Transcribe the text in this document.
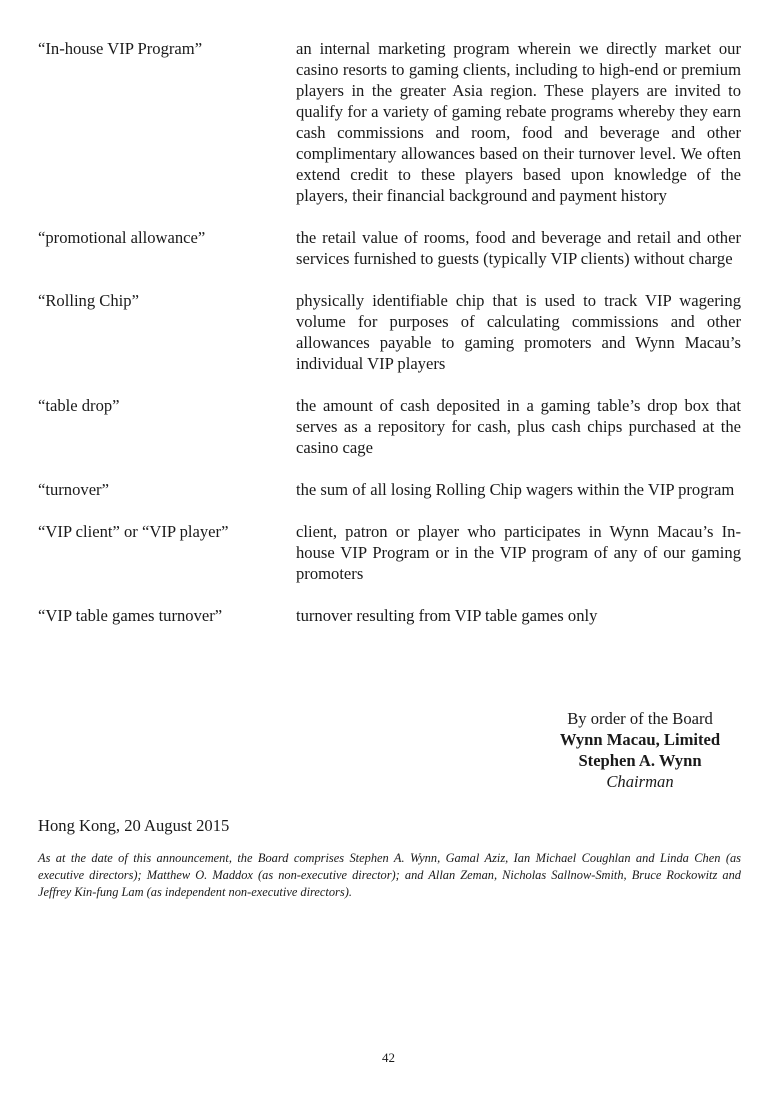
“In-house VIP Program”	an internal marketing program wherein we directly market our casino resorts to gaming clients, including to high-end or premium players in the greater Asia region. These players are invited to qualify for a variety of gaming rebate programs whereby they earn cash commissions and room, food and beverage and other complimentary allowances based on their turnover level. We often extend credit to these players based upon knowledge of the players, their financial background and payment history
“promotional allowance”	the retail value of rooms, food and beverage and retail and other services furnished to guests (typically VIP clients) without charge
“Rolling Chip”	physically identifiable chip that is used to track VIP wagering volume for purposes of calculating commissions and other allowances payable to gaming promoters and Wynn Macau’s individual VIP players
“table drop”	the amount of cash deposited in a gaming table’s drop box that serves as a repository for cash, plus cash chips purchased at the casino cage
“turnover”	the sum of all losing Rolling Chip wagers within the VIP program
“VIP client” or “VIP player”	client, patron or player who participates in Wynn Macau’s In-house VIP Program or in the VIP program of any of our gaming promoters
“VIP table games turnover”	turnover resulting from VIP table games only
By order of the Board
Wynn Macau, Limited
Stephen A. Wynn
Chairman
Hong Kong, 20 August 2015
As at the date of this announcement, the Board comprises Stephen A. Wynn, Gamal Aziz, Ian Michael Coughlan and Linda Chen (as executive directors); Matthew O. Maddox (as non-executive director); and Allan Zeman, Nicholas Sallnow-Smith, Bruce Rockowitz and Jeffrey Kin-fung Lam (as independent non-executive directors).
42
